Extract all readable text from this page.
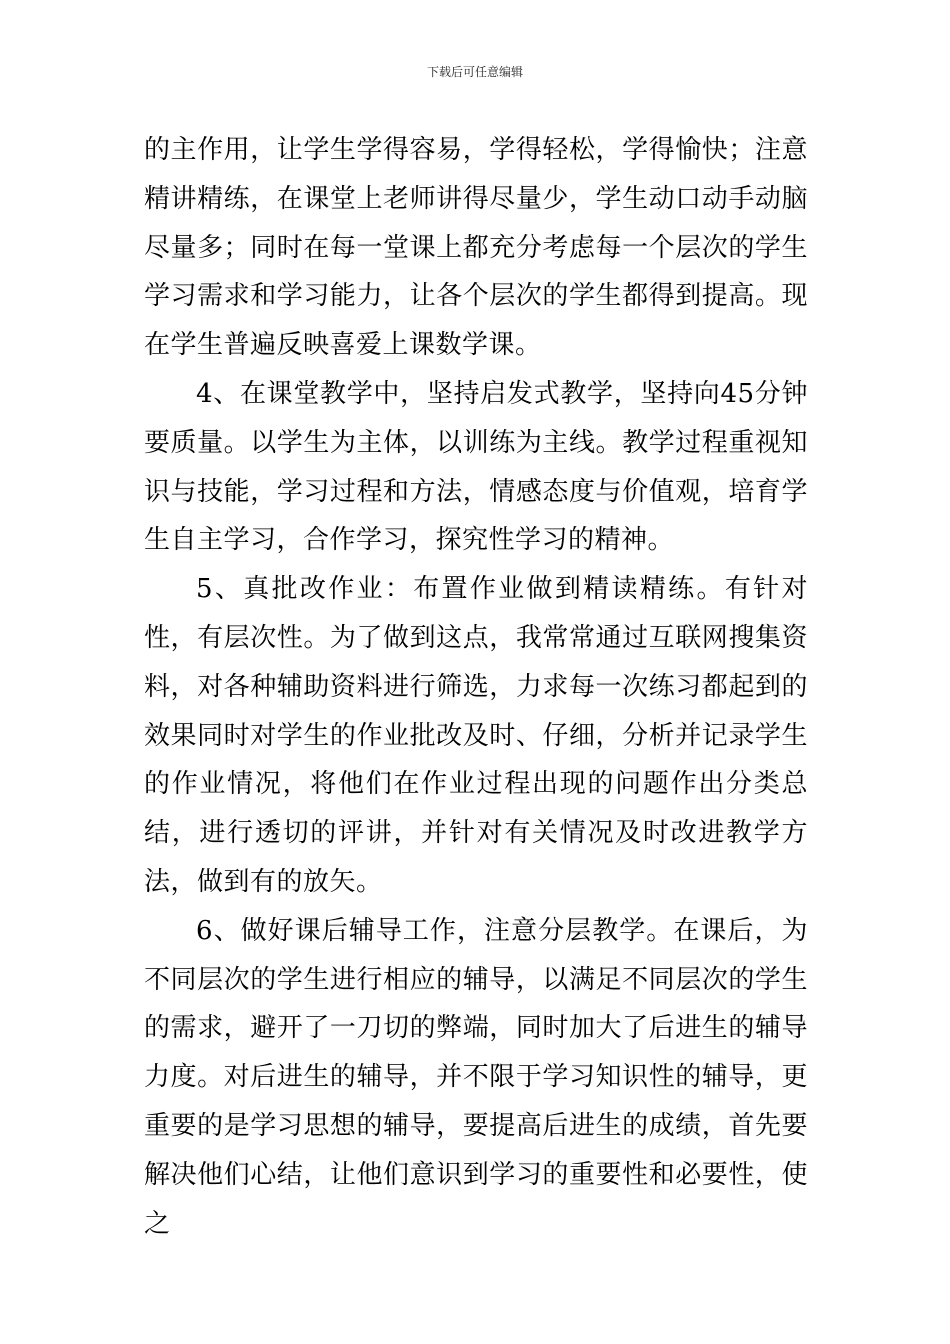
下载后可任意编辑

的主作用，让学生学得容易，学得轻松，学得愉快；注意精讲精练，在课堂上老师讲得尽量少，学生动口动手动脑尽量多；同时在每一堂课上都充分考虑每一个层次的学生学习需求和学习能力，让各个层次的学生都得到提高。现在学生普遍反映喜爱上课数学课。

4、在课堂教学中，坚持启发式教学，坚持向45分钟要质量。以学生为主体，以训练为主线。教学过程重视知识与技能，学习过程和方法，情感态度与价值观，培育学生自主学习，合作学习，探究性学习的精神。

5、真批改作业：布置作业做到精读精练。有针对性，有层次性。为了做到这点，我常常通过互联网搜集资料，对各种辅助资料进行筛选，力求每一次练习都起到的效果同时对学生的作业批改及时、仔细，分析并记录学生的作业情况，将他们在作业过程出现的问题作出分类总结，进行透切的评讲，并针对有关情况及时改进教学方法，做到有的放矢。

6、做好课后辅导工作，注意分层教学。在课后，为不同层次的学生进行相应的辅导，以满足不同层次的学生的需求，避开了一刀切的弊端，同时加大了后进生的辅导力度。对后进生的辅导，并不限于学习知识性的辅导，更重要的是学习思想的辅导，要提高后进生的成绩，首先要解决他们心结，让他们意识到学习的重要性和必要性，使之
